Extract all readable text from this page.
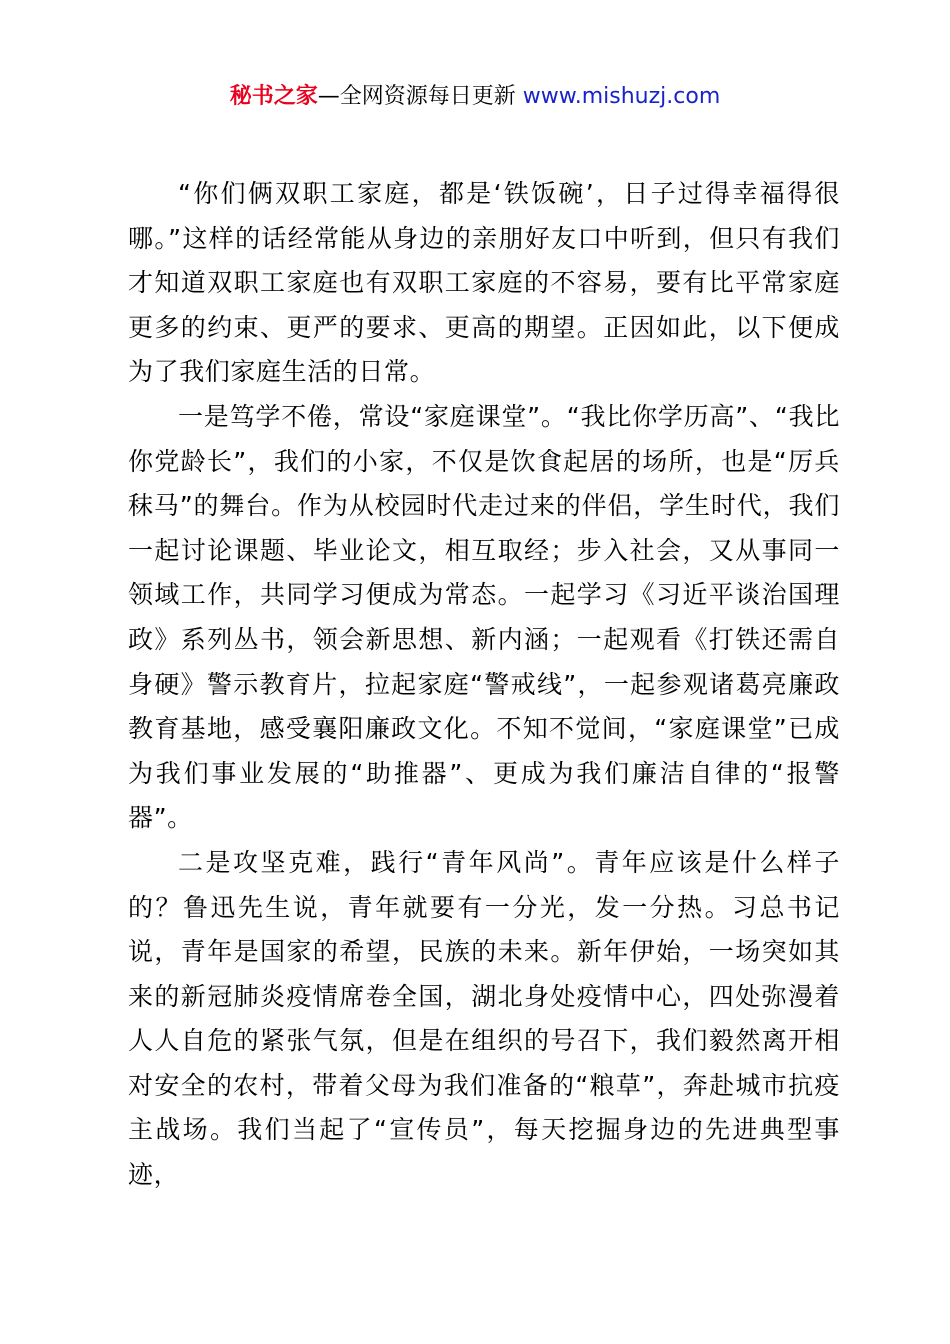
秘书之家—全网资源每日更新 www.mishuzj.com

“你们俩双职工家庭，都是‘铁饭碗’，日子过得幸福得很哪。”这样的话经常能从身边的亲朋好友口中听到，但只有我们才知道双职工家庭也有双职工家庭的不容易，要有比平常家庭更多的约束、更严的要求、更高的期望。正因如此，以下便成为了我们家庭生活的日常。

一是笃学不倦，常设“家庭课堂”。“我比你学历高”、“我比你党龄长”，我们的小家，不仅是饮食起居的场所，也是“厉兵秣马”的舞台。作为从校园时代走过来的伴侣，学生时代，我们一起讨论课题、毕业论文，相互取经；步入社会，又从事同一领域工作，共同学习便成为常态。一起学习《习近平谈治国理政》系列丛书，领会新思想、新内涵；一起观看《打铁还需自身硬》警示教育片，拉起家庭“警戒线”，一起参观诸葛亮廉政教育基地，感受襄阳廉政文化。不知不觉间，“家庭课堂”已成为我们事业发展的“助推器”、更成为我们廉洁自律的“报警器”。

二是攻坚克难，践行“青年风尚”。青年应该是什么样子的？鲁迅先生说，青年就要有一分光，发一分热。习总书记说，青年是国家的希望，民族的未来。新年伊始，一场突如其来的新冠肺炎疫情席卷全国，湖北身处疫情中心，四处弥漫着人人自危的紧张气氛，但是在组织的号召下，我们毅然离开相对安全的农村，带着父母为我们准备的“粮草”，奔赴城市抗疫主战场。我们当起了“宣传员”，每天挖掘身边的先进典型事迹，
